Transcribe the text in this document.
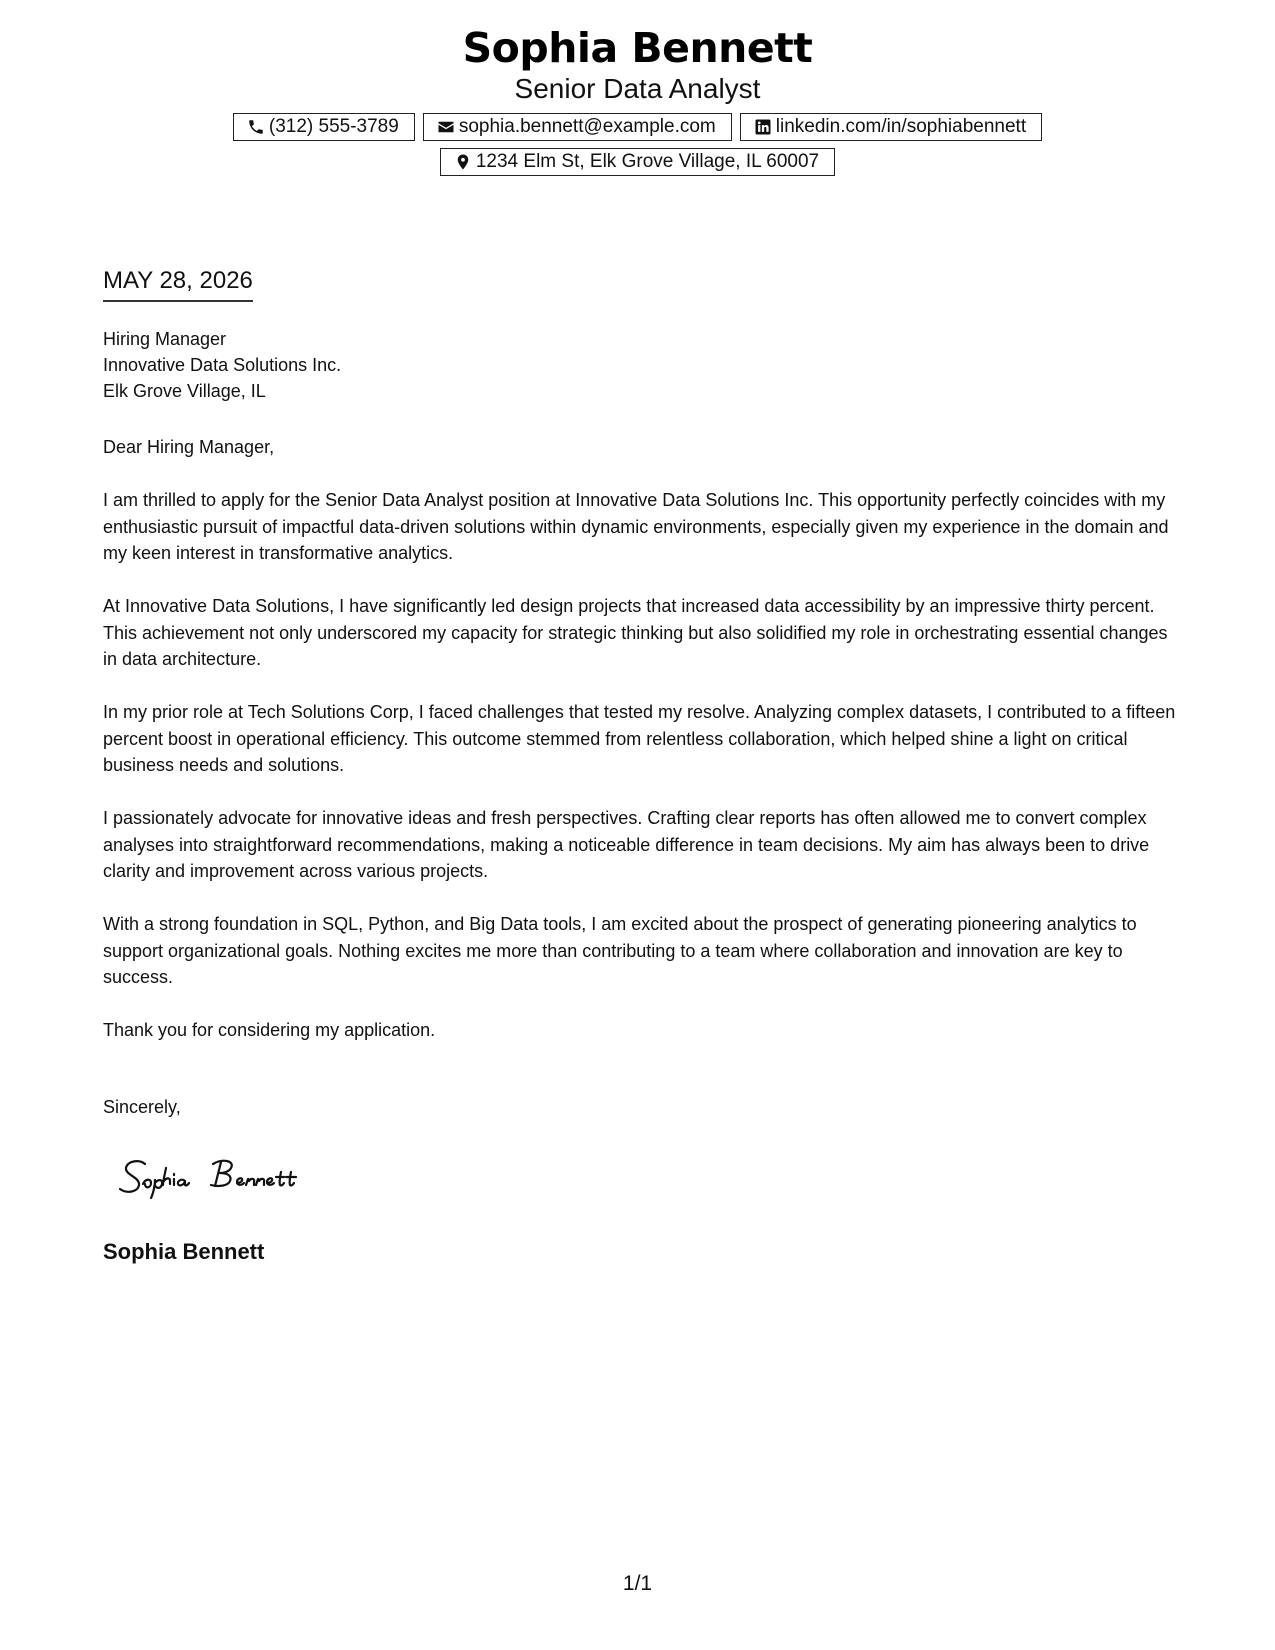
Sophia Bennett
Senior Data Analyst
(312) 555-3789	sophia.bennett@example.com	linkedin.com/in/sophiabennett
1234 Elm St, Elk Grove Village, IL 60007
MAY 28, 2026
Hiring Manager
Innovative Data Solutions Inc.
Elk Grove Village, IL

Dear Hiring Manager,

I am thrilled to apply for the Senior Data Analyst position at Innovative Data Solutions Inc. This opportunity perfectly coincides with my enthusiastic pursuit of impactful data-driven solutions within dynamic environments, especially given my experience in the domain and my keen interest in transformative analytics.

At Innovative Data Solutions, I have significantly led design projects that increased data accessibility by an impressive thirty percent. This achievement not only underscored my capacity for strategic thinking but also solidified my role in orchestrating essential changes in data architecture.

In my prior role at Tech Solutions Corp, I faced challenges that tested my resolve. Analyzing complex datasets, I contributed to a fifteen percent boost in operational efficiency. This outcome stemmed from relentless collaboration, which helped shine a light on critical business needs and solutions.

I passionately advocate for innovative ideas and fresh perspectives. Crafting clear reports has often allowed me to convert complex analyses into straightforward recommendations, making a noticeable difference in team decisions. My aim has always been to drive clarity and improvement across various projects.

With a strong foundation in SQL, Python, and Big Data tools, I am excited about the prospect of generating pioneering analytics to support organizational goals. Nothing excites me more than contributing to a team where collaboration and innovation are key to success.

Thank you for considering my application.

Sincerely,
Sophia Bennett
1/1
